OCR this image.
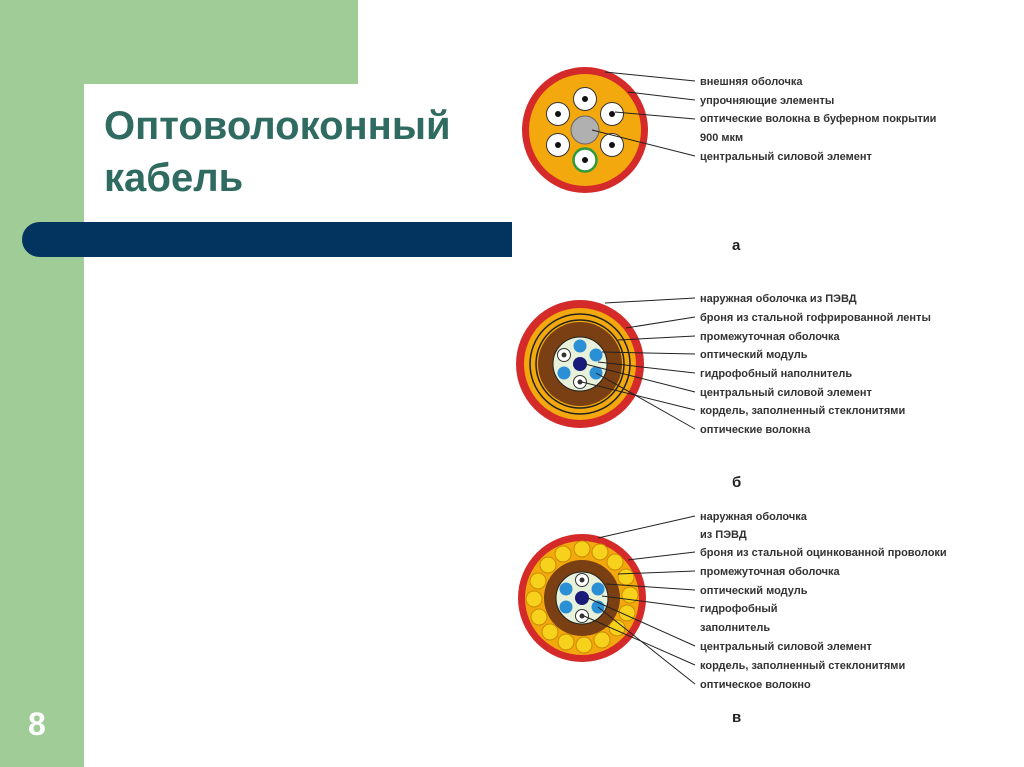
Оптоволоконный
кабель
8
внешняя оболочка
упрочняющие элементы
оптические волокна в буферном покрытии
900 мкм
центральный силовой элемент
а
наружная оболочка из ПЭВД
броня из стальной гофрированной ленты
промежуточная оболочка
оптический модуль
гидрофобный наполнитель
центральный силовой элемент
кордель, заполненный стеклонитями
оптические волокна
б
наружная оболочка
из ПЭВД
броня из стальной оцинкованной проволоки
промежуточная оболочка
оптический модуль
гидрофобный
заполнитель
центральный силовой элемент
кордель, заполненный стеклонитями
оптическое волокно
в
